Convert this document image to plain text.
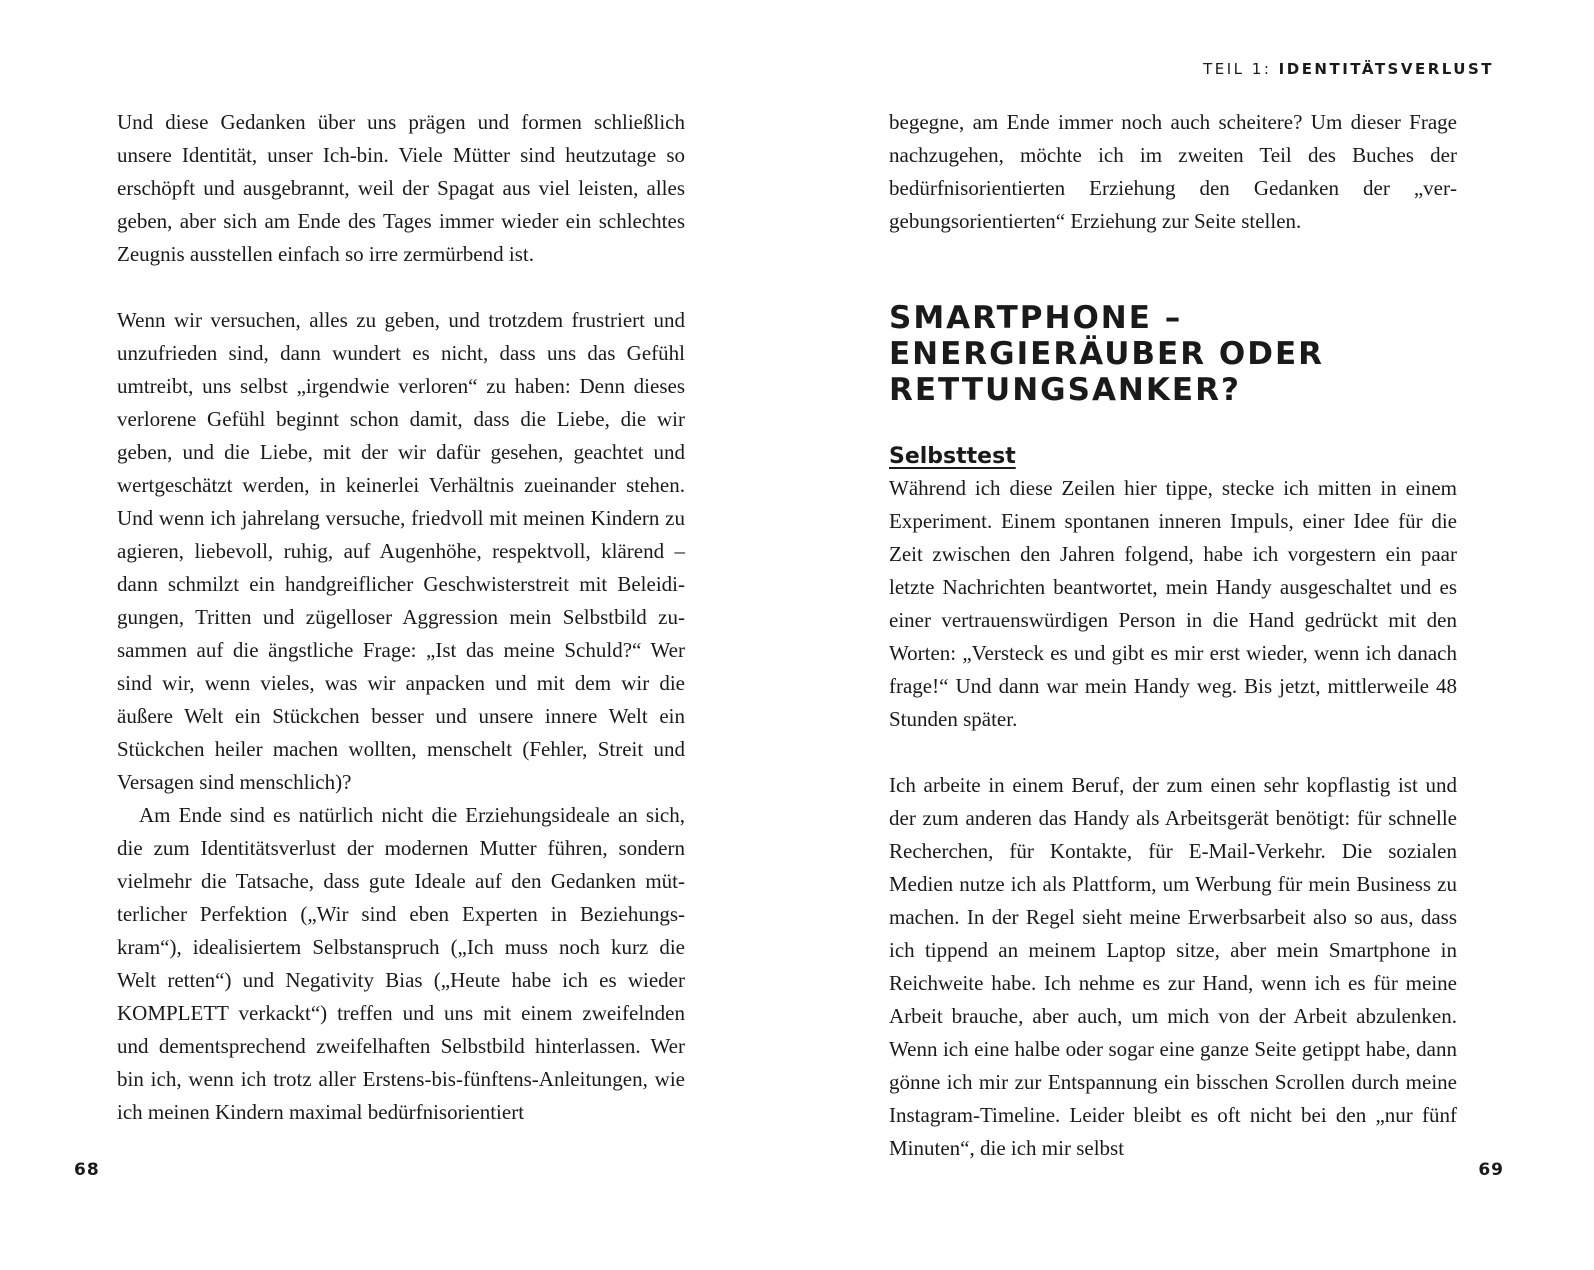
Und diese Gedanken über uns prägen und formen schließlich unsere Identität, unser Ich-bin. Viele Mütter sind heutzutage so erschöpft und ausgebrannt, weil der Spagat aus viel leisten, alles geben, aber sich am Ende des Tages immer wieder ein schlechtes Zeugnis ausstellen einfach so irre zermürbend ist.

Wenn wir versuchen, alles zu geben, und trotzdem frustriert und unzufrieden sind, dann wundert es nicht, dass uns das Gefühl umtreibt, uns selbst „irgendwie verloren“ zu haben: Denn dieses verlorene Gefühl beginnt schon damit, dass die Liebe, die wir geben, und die Liebe, mit der wir dafür gesehen, geachtet und wertgeschätzt werden, in keinerlei Verhältnis zueinander stehen. Und wenn ich jahrelang versuche, friedvoll mit meinen Kindern zu agieren, liebevoll, ruhig, auf Augenhöhe, respektvoll, klärend – dann schmilzt ein handgreiflicher Geschwisterstreit mit Beleidigungen, Tritten und zügelloser Aggression mein Selbstbild zusammen auf die ängstliche Frage: „Ist das meine Schuld?“ Wer sind wir, wenn vieles, was wir anpacken und mit dem wir die äußere Welt ein Stückchen besser und unsere innere Welt ein Stückchen heiler machen wollten, menschelt (Fehler, Streit und Versagen sind menschlich)?

Am Ende sind es natürlich nicht die Erziehungsideale an sich, die zum Identitätsverlust der modernen Mutter führen, sondern vielmehr die Tatsache, dass gute Ideale auf den Gedanken mütterlicher Perfektion („Wir sind eben Experten in Beziehungskram“), idealisiertem Selbstanspruch („Ich muss noch kurz die Welt retten“) und Negativity Bias („Heute habe ich es wieder KOMPLETT verkackt“) treffen und uns mit einem zweifelnden und dementsprechend zweifelhaften Selbstbild hinterlassen. Wer bin ich, wenn ich trotz aller Erstens-bis-fünftens-Anleitungen, wie ich meinen Kindern maximal bedürfnisorientiert

68
TEIL 1: IDENTITÄTSVERLUST

begegne, am Ende immer noch auch scheitere? Um dieser Frage nachzugehen, möchte ich im zweiten Teil des Buches der bedürfnisorientierten Erziehung den Gedanken der „vergebungsorientierten“ Erziehung zur Seite stellen.

SMARTPHONE – ENERGIERÄUBER ODER RETTUNGSANKER?
Selbsttest

Während ich diese Zeilen hier tippe, stecke ich mitten in einem Experiment. Einem spontanen inneren Impuls, einer Idee für die Zeit zwischen den Jahren folgend, habe ich vorgestern ein paar letzte Nachrichten beantwortet, mein Handy ausgeschaltet und es einer vertrauenswürdigen Person in die Hand gedrückt mit den Worten: „Versteck es und gibt es mir erst wieder, wenn ich danach frage!“ Und dann war mein Handy weg. Bis jetzt, mittlerweile 48 Stunden später.

Ich arbeite in einem Beruf, der zum einen sehr kopflastig ist und der zum anderen das Handy als Arbeitsgerät benötigt: für schnelle Recherchen, für Kontakte, für E-Mail-Verkehr. Die sozialen Medien nutze ich als Plattform, um Werbung für mein Business zu machen. In der Regel sieht meine Erwerbsarbeit also so aus, dass ich tippend an meinem Laptop sitze, aber mein Smartphone in Reichweite habe. Ich nehme es zur Hand, wenn ich es für meine Arbeit brauche, aber auch, um mich von der Arbeit abzulenken. Wenn ich eine halbe oder sogar eine ganze Seite getippt habe, dann gönne ich mir zur Entspannung ein bisschen Scrollen durch meine Instagram-Timeline. Leider bleibt es oft nicht bei den „nur fünf Minuten“, die ich mir selbst

69
